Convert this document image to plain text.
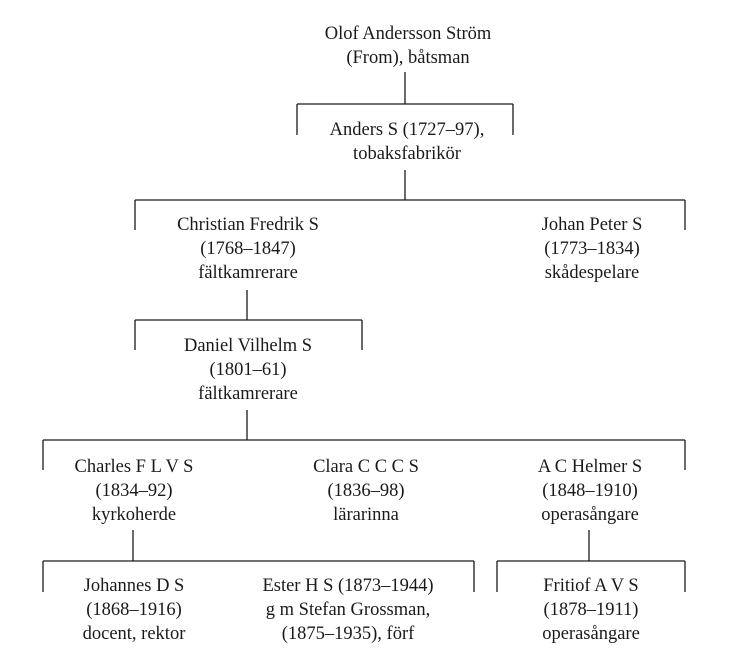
Olof Andersson Ström
(From), båtsman
Anders S (1727–97),
tobaksfabrikör
Christian Fredrik S
(1768–1847)
fältkamrerare
Johan Peter S
(1773–1834)
skådespelare
Daniel Vilhelm S
(1801–61)
fältkamrerare
Charles F L V S
(1834–92)
kyrkoherde
Clara C C C S
(1836–98)
lärarinna
A C Helmer S
(1848–1910)
operasångare
Johannes D S
(1868–1916)
docent, rektor
Ester H S (1873–1944)
g m Stefan Grossman,
(1875–1935), förf
Fritiof A V S
(1878–1911)
operasångare
